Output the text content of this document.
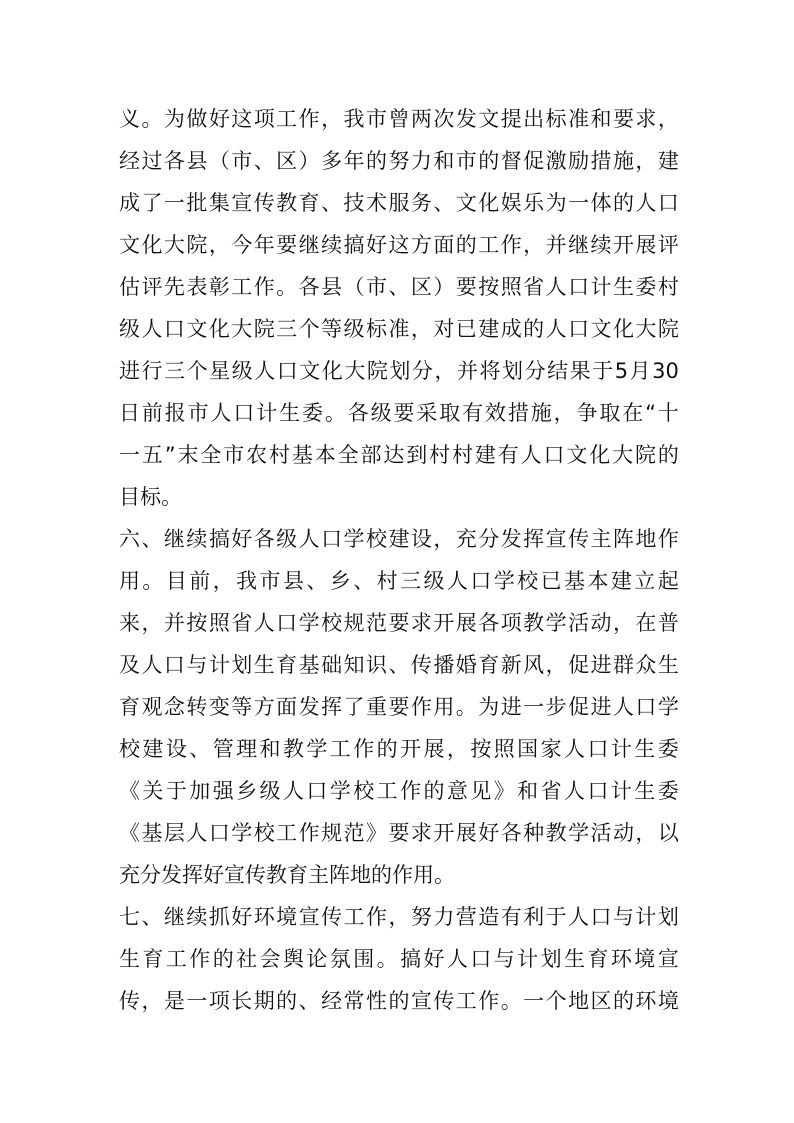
义 。 为 做 好 这 项 工 作 ， 我 市 曾 两 次 发 文 提 出 标 准 和 要 求 ，
经 过 各 县 （ 市 、 区 ） 多 年 的 努 力 和 市 的 督 促 激 励 措 施 ， 建
成 了 一 批 集 宣 传 教 育 、 技 术 服 务 、 文 化 娱 乐 为 一 体 的 人 口
文 化 大 院 ， 今 年 要 继 续 搞 好 这 方 面 的 工 作 ， 并 继 续 开 展 评
估 评 先 表 彰 工 作 。 各 县 （ 市 、 区 ） 要 按 照 省 人 口 计 生 委 村
级 人 口 文 化 大 院 三 个 等 级 标 准 ， 对 已 建 成 的 人 口 文 化 大 院
进 行 三 个 星 级 人 口 文 化 大 院 划 分 ， 并 将 划 分 结 果 于 5 月 30
日 前 报 市 人 口 计 生 委 。 各 级 要 采 取 有 效 措 施 ， 争 取 在 “ 十
一 五 ” 末 全 市 农 村 基 本 全 部 达 到 村 村 建 有 人 口 文 化 大 院 的
目标。
六 、 继 续 搞 好 各 级 人 口 学 校 建 设 ， 充 分 发 挥 宣 传 主 阵 地 作
用 。 目 前 ， 我 市 县 、 乡 、 村 三 级 人 口 学 校 已 基 本 建 立 起
来 ， 并 按 照 省 人 口 学 校 规 范 要 求 开 展 各 项 教 学 活 动 ， 在 普
及 人 口 与 计 划 生 育 基 础 知 识 、 传 播 婚 育 新 风 ， 促 进 群 众 生
育 观 念 转 变 等 方 面 发 挥 了 重 要 作 用 。 为 进 一 步 促 进 人 口 学
校 建 设 、 管 理 和 教 学 工 作 的 开 展 ， 按 照 国 家 人 口 计 生 委
《 关 于 加 强 乡 级 人 口 学 校 工 作 的 意 见 》 和 省 人 口 计 生 委
《 基 层 人 口 学 校 工 作 规 范 》 要 求 开 展 好 各 种 教 学 活 动 ， 以
充分发挥好宣传教育主阵地的作用。
七 、 继 续 抓 好 环 境 宣 传 工 作 ， 努 力 营 造 有 利 于 人 口 与 计 划
生 育 工 作 的 社 会 舆 论 氛 围 。 搞 好 人 口 与 计 划 生 育 环 境 宣
传 ， 是 一 项 长 期 的 、 经 常 性 的 宣 传 工 作 。 一 个 地 区 的 环 境
